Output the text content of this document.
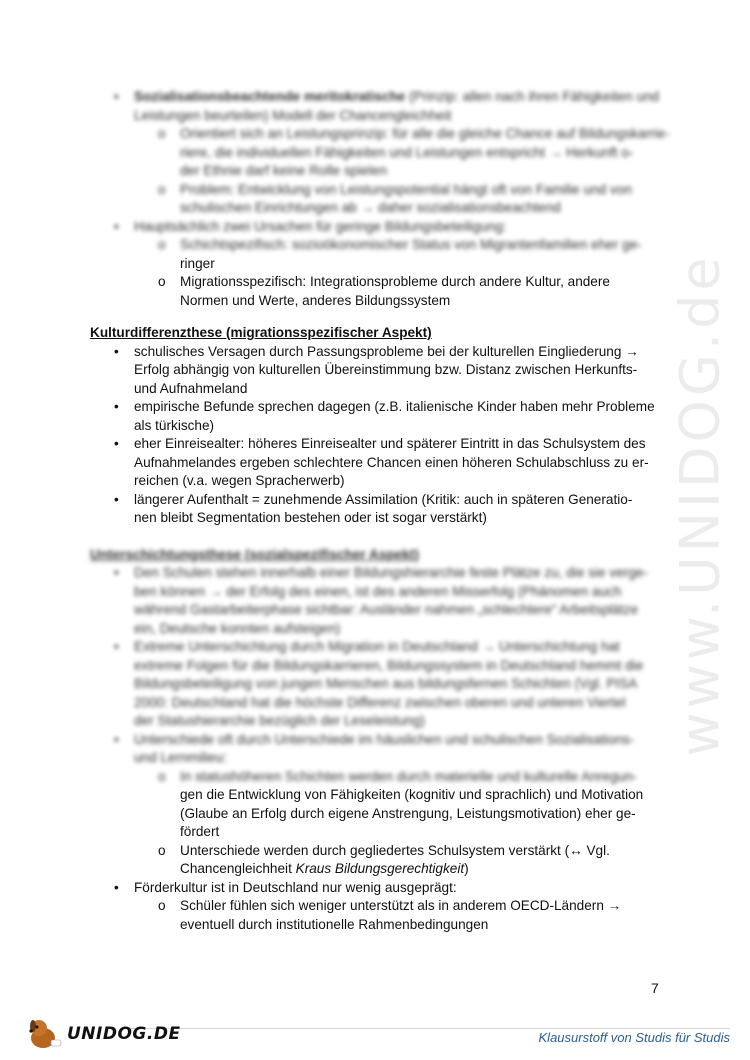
www.UNIDOG.de
• Sozialisationsbeachtende meritokratische (Prinzip: allen nach ihren Fähigkeiten und
Leistungen beurteilen) Modell der Chancengleichheit
o Orientiert sich an Leistungsprinzip: für alle die gleiche Chance auf Bildungskarrie-
riere, die individuellen Fähigkeiten und Leistungen entspricht → Herkunft o-
der Ethnie darf keine Rolle spielen
o Problem: Entwicklung von Leistungspotential hängt oft von Familie und von
schulischen Einrichtungen ab → daher sozialisationsbeachtend
• Hauptsächlich zwei Ursachen für geringe Bildungsbeteiligung:
o Schichtspezifisch: sozioökonomischer Status von Migrantenfamilien eher ge-
ringer
o Migrationsspezifisch: Integrationsprobleme durch andere Kultur, andere
Normen und Werte, anderes Bildungssystem
Kulturdifferenzthese (migrationsspezifischer Aspekt)
• schulisches Versagen durch Passungsprobleme bei der kulturellen Eingliederung →
Erfolg abhängig von kulturellen Übereinstimmung bzw. Distanz zwischen Herkunfts-
und Aufnahmeland
• empirische Befunde sprechen dagegen (z.B. italienische Kinder haben mehr Probleme
als türkische)
• eher Einreisealter: höheres Einreisealter und späterer Eintritt in das Schulsystem des
Aufnahmelandes ergeben schlechtere Chancen einen höheren Schulabschluss zu er-
reichen (v.a. wegen Spracherwerb)
• längerer Aufenthalt = zunehmende Assimilation (Kritik: auch in späteren Generatio-
nen bleibt Segmentation bestehen oder ist sogar verstärkt)
Unterschichtungsthese (sozialspezifischer Aspekt)
• Den Schulen stehen innerhalb einer Bildungshierarchie feste Plätze zu, die sie verge-
ben können → der Erfolg des einen, ist des anderen Misserfolg (Phänomen auch
während Gastarbeiterphase sichtbar: Ausländer nahmen „schlechtere“ Arbeitsplätze
ein, Deutsche konnten aufsteigen)
• Extreme Unterschichtung durch Migration in Deutschland → Unterschichtung hat
extreme Folgen für die Bildungskarrieren, Bildungssystem in Deutschland hemmt die
Bildungsbeteiligung von jungen Menschen aus bildungsfernen Schichten (Vgl. PISA
2000: Deutschland hat die höchste Differenz zwischen oberen und unteren Viertel
der Statushierarchie bezüglich der Leseleistung)
• Unterschiede oft durch Unterschiede im häuslichen und schulischen Sozialisations-
und Lernmilieu:
o In statushöheren Schichten werden durch materielle und kulturelle Anregun-
gen die Entwicklung von Fähigkeiten (kognitiv und sprachlich) und Motivation
(Glaube an Erfolg durch eigene Anstrengung, Leistungsmotivation) eher ge-
fördert
o Unterschiede werden durch gegliedertes Schulsystem verstärkt (↔ Vgl.
Chancengleichheit Kraus Bildungsgerechtigkeit)
• Förderkultur ist in Deutschland nur wenig ausgeprägt:
o Schüler fühlen sich weniger unterstützt als in anderem OECD-Ländern →
eventuell durch institutionelle Rahmenbedingungen
7
UNIDOG.DE	Klausurstoff von Studis für Studis
